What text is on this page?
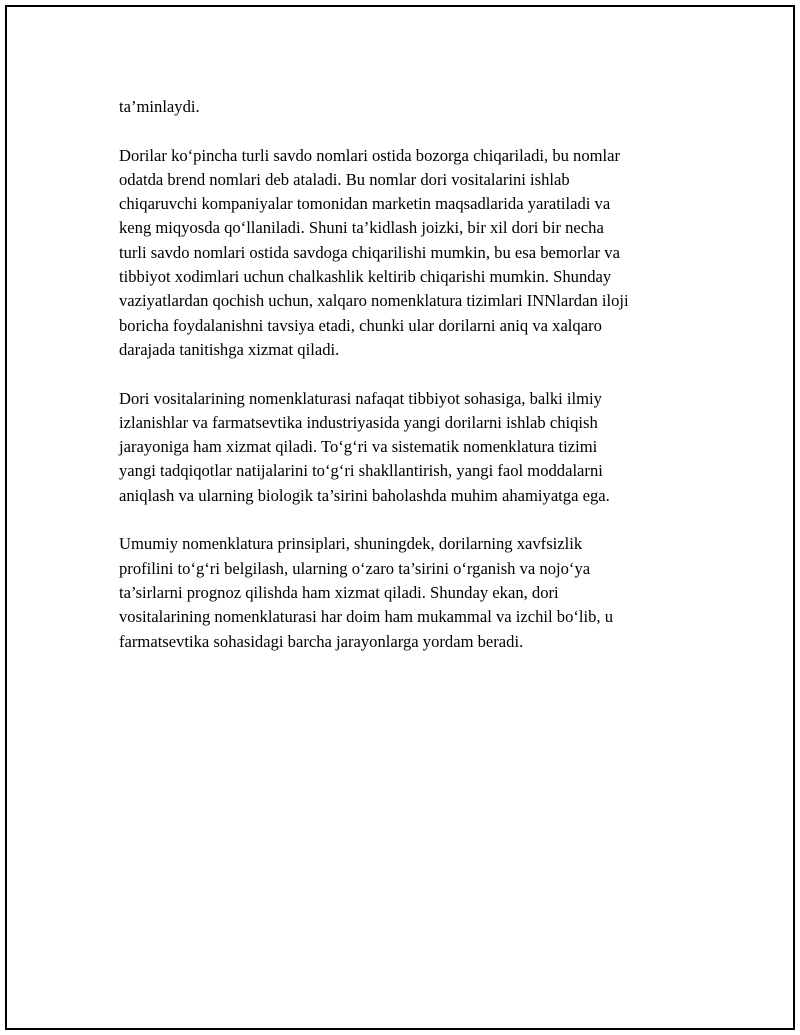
ta’minlaydi.

Dorilar ko‘pincha turli savdo nomlari ostida bozorga chiqariladi, bu nomlar
odatda brend nomlari deb ataladi. Bu nomlar dori vositalarini ishlab
chiqaruvchi kompaniyalar tomonidan marketin maqsadlarida yaratiladi va
keng miqyosda qo‘llaniladi. Shuni ta’kidlash joizki, bir xil dori bir necha
turli savdo nomlari ostida savdoga chiqarilishi mumkin, bu esa bemorlar va
tibbiyot xodimlari uchun chalkashlik keltirib chiqarishi mumkin. Shunday
vaziyatlardan qochish uchun, xalqaro nomenklatura tizimlari INNlardan iloji
boricha foydalanishni tavsiya etadi, chunki ular dorilarni aniq va xalqaro
darajada tanitishga xizmat qiladi.

Dori vositalarining nomenklaturasi nafaqat tibbiyot sohasiga, balki ilmiy
izlanishlar va farmatsevtika industriyasida yangi dorilarni ishlab chiqish
jarayoniga ham xizmat qiladi. To‘g‘ri va sistematik nomenklatura tizimi
yangi tadqiqotlar natijalarini to‘g‘ri shakllantirish, yangi faol moddalarni
aniqlash va ularning biologik ta’sirini baholashda muhim ahamiyatga ega.

Umumiy nomenklatura prinsiplari, shuningdek, dorilarning xavfsizlik
profilini to‘g‘ri belgilash, ularning o‘zaro ta’sirini o‘rganish va nojo‘ya
ta’sirlarni prognoz qilishda ham xizmat qiladi. Shunday ekan, dori
vositalarining nomenklaturasi har doim ham mukammal va izchil bo‘lib, u
farmatsevtika sohasidagi barcha jarayonlarga yordam beradi.
